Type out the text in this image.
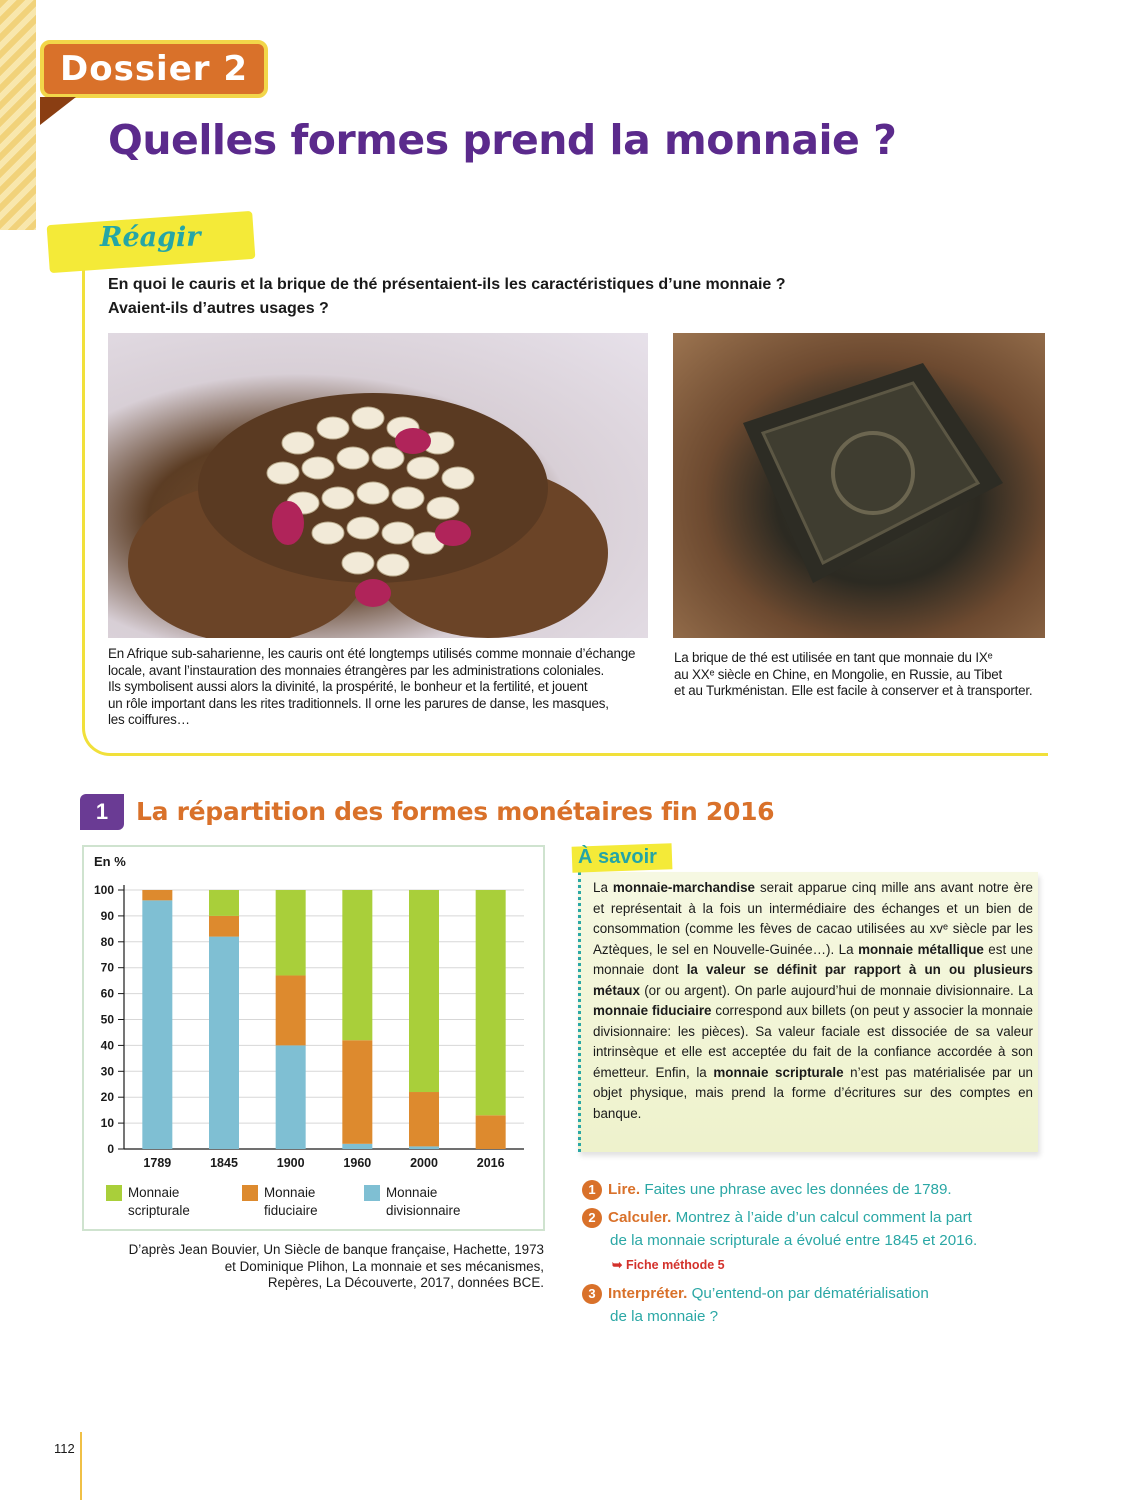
Dossier 2
Quelles formes prend la monnaie ?
Réagir

En quoi le cauris et la brique de thé présentaient-ils les caractéristiques d’une monnaie ?

Avaient-ils d’autres usages ?

En Afrique sub-saharienne, les cauris ont été longtemps utilisés comme monnaie d’échange

locale, avant l’instauration des monnaies étrangères par les administrations coloniales.

Ils symbolisent aussi alors la divinité, la prospérité, le bonheur et la fertilité, et jouent

un rôle important dans les rites traditionnels. Il orne les parures de danse, les masques,

les coiffures…

La brique de thé est utilisée en tant que monnaie du IXᵉ

au XXᵉ siècle en Chine, en Mongolie, en Russie, au Tibet

et au Turkménistan. Elle est facile à conserver et à transporter.

1	La répartition des formes monétaires fin 2016
En %
0
10
20
30
40
50
60
70
80
90
100
1789	1845	1900	1960	2000	2016
Monnaie
scripturale
Monnaie
fiduciaire
Monnaie
divisionnaire

D’après Jean Bouvier, Un Siècle de banque française, Hachette, 1973

et Dominique Plihon, La monnaie et ses mécanismes,

Repères, La Découverte, 2017, données BCE.

À savoir
La monnaie-marchandise serait apparue cinq mille ans avant notre ère et représentait à la fois un intermédiaire des échanges et un bien de consommation (comme les fèves de cacao utilisées au xvᵉ siècle par les Aztèques, le sel en Nouvelle-Guinée…). La monnaie métallique est une monnaie dont la valeur se définit par rapport à un ou plusieurs métaux (or ou argent). On parle aujourd’hui de monnaie divisionnaire. La monnaie fiduciaire correspond aux billets (on peut y associer la monnaie divisionnaire: les pièces). Sa valeur faciale est dissociée de sa valeur intrinsèque et elle est acceptée du fait de la confiance accordée à son émetteur. Enfin, la monnaie scripturale n’est pas matérialisée par un objet physique, mais prend la forme d’écritures sur des comptes en banque.
1 Lire. Faites une phrase avec les données de 1789.
2 Calculer. Montrez à l’aide d’un calcul comment la part
de la monnaie scripturale a évolué entre 1845 et 2016.
➥ Fiche méthode 5
3 Interpréter. Qu’entend-on par dématérialisation
de la monnaie ?
112
